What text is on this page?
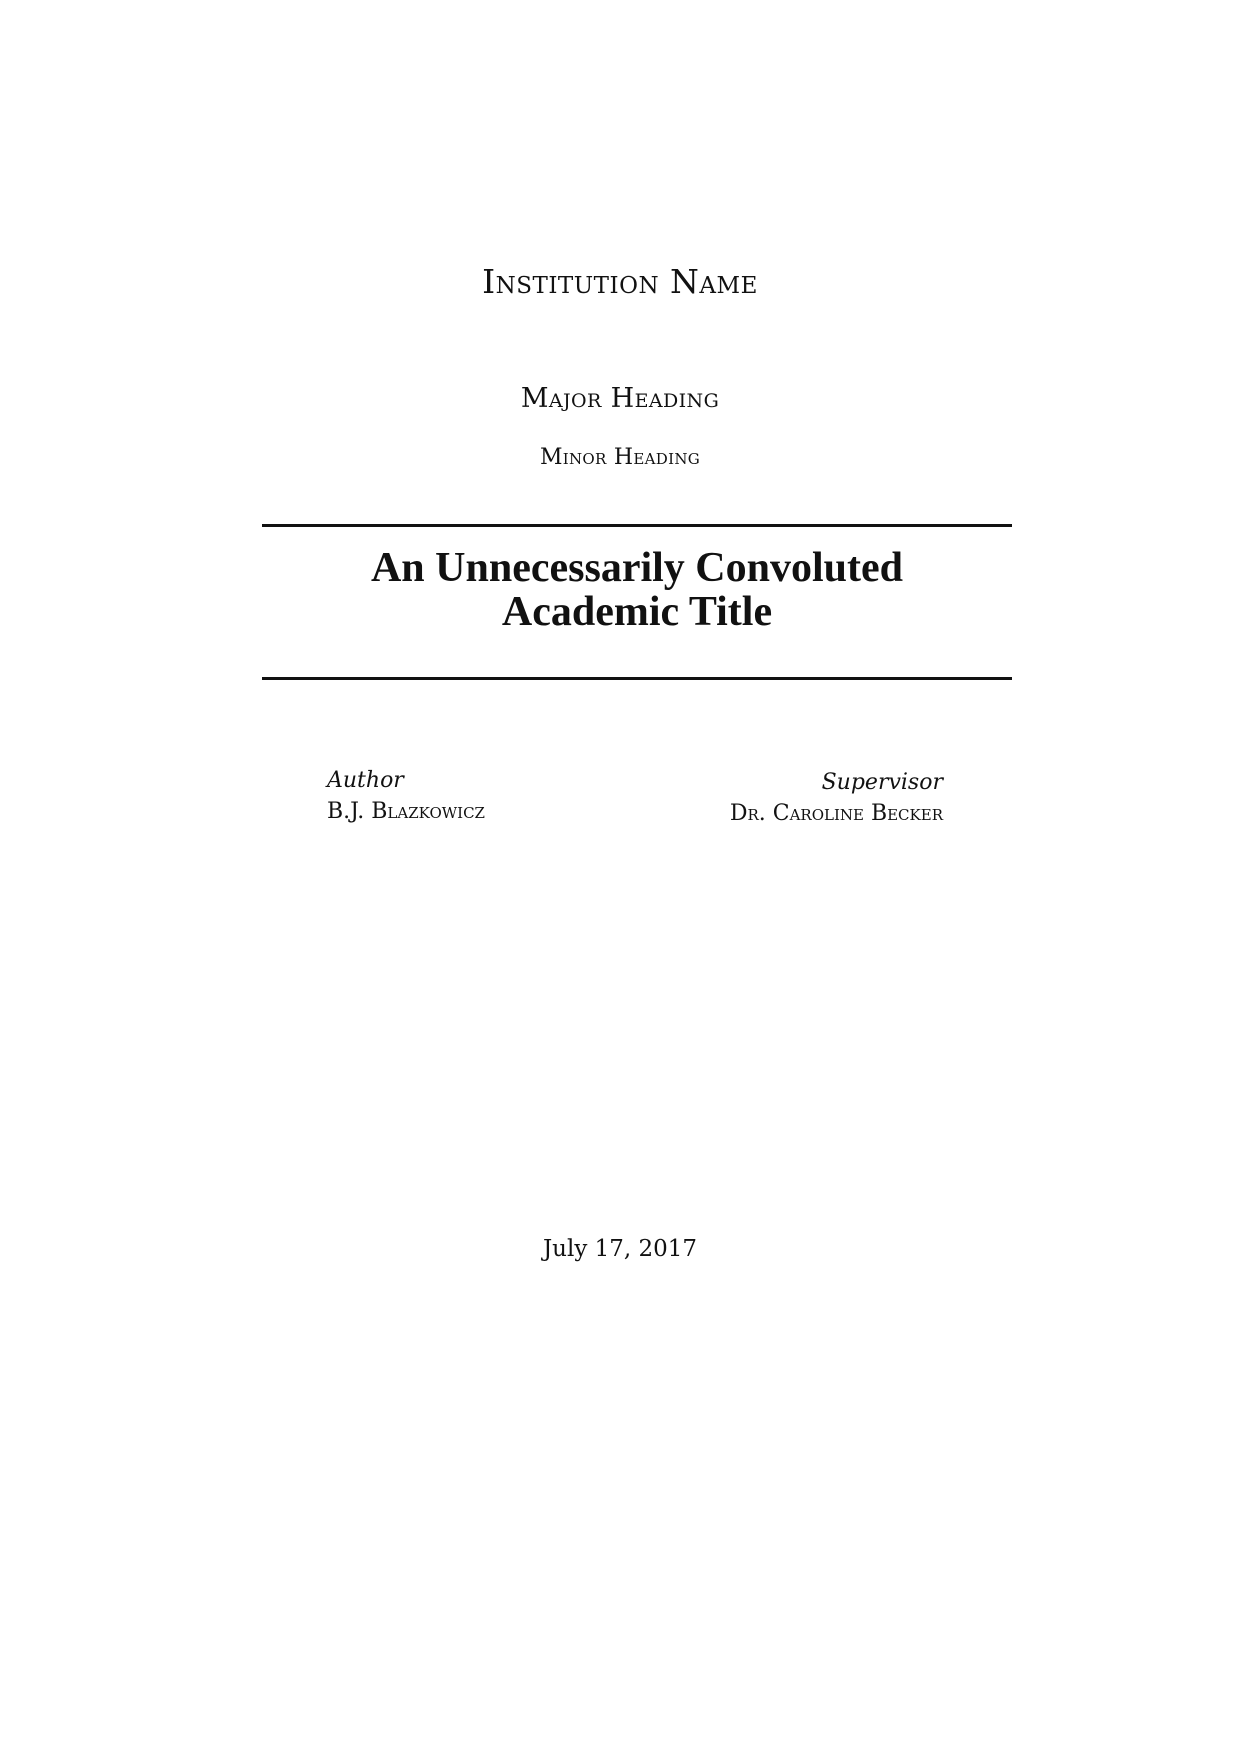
Institution Name
Major Heading
Minor Heading
An Unnecessarily Convoluted
Academic Title
Author
B.J. Blazkowicz
Supervisor
Dr. Caroline Becker
July 17, 2017
